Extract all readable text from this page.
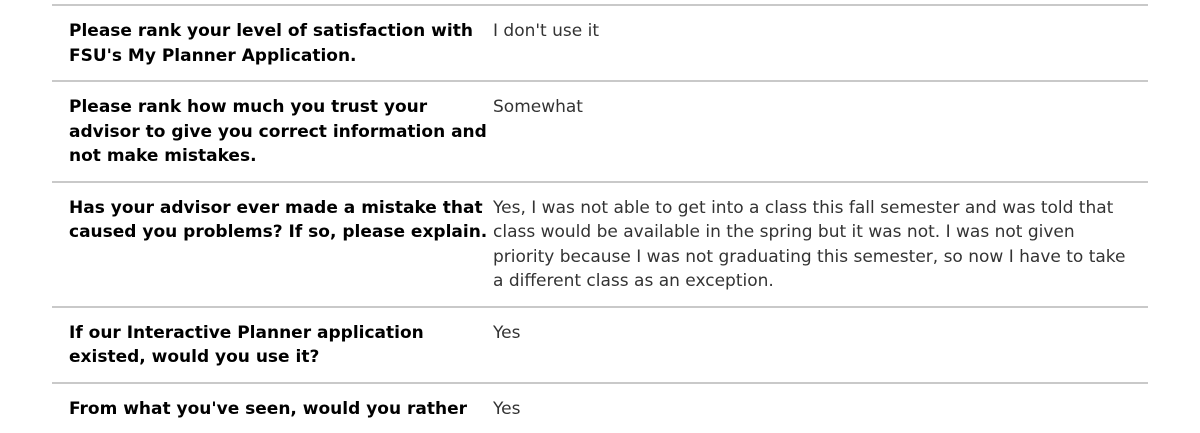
Please rank your level of satisfaction with FSU's My Planner Application.
I don't use it
Please rank how much you trust your advisor to give you correct information and not make mistakes.
Somewhat
Has your advisor ever made a mistake that caused you problems? If so, please explain.
Yes, I was not able to get into a class this fall semester and was told that class would be available in the spring but it was not. I was not given priority because I was not graduating this semester, so now I have to take a different class as an exception.
If our Interactive Planner application existed, would you use it?
Yes
From what you've seen, would you rather	Yes
